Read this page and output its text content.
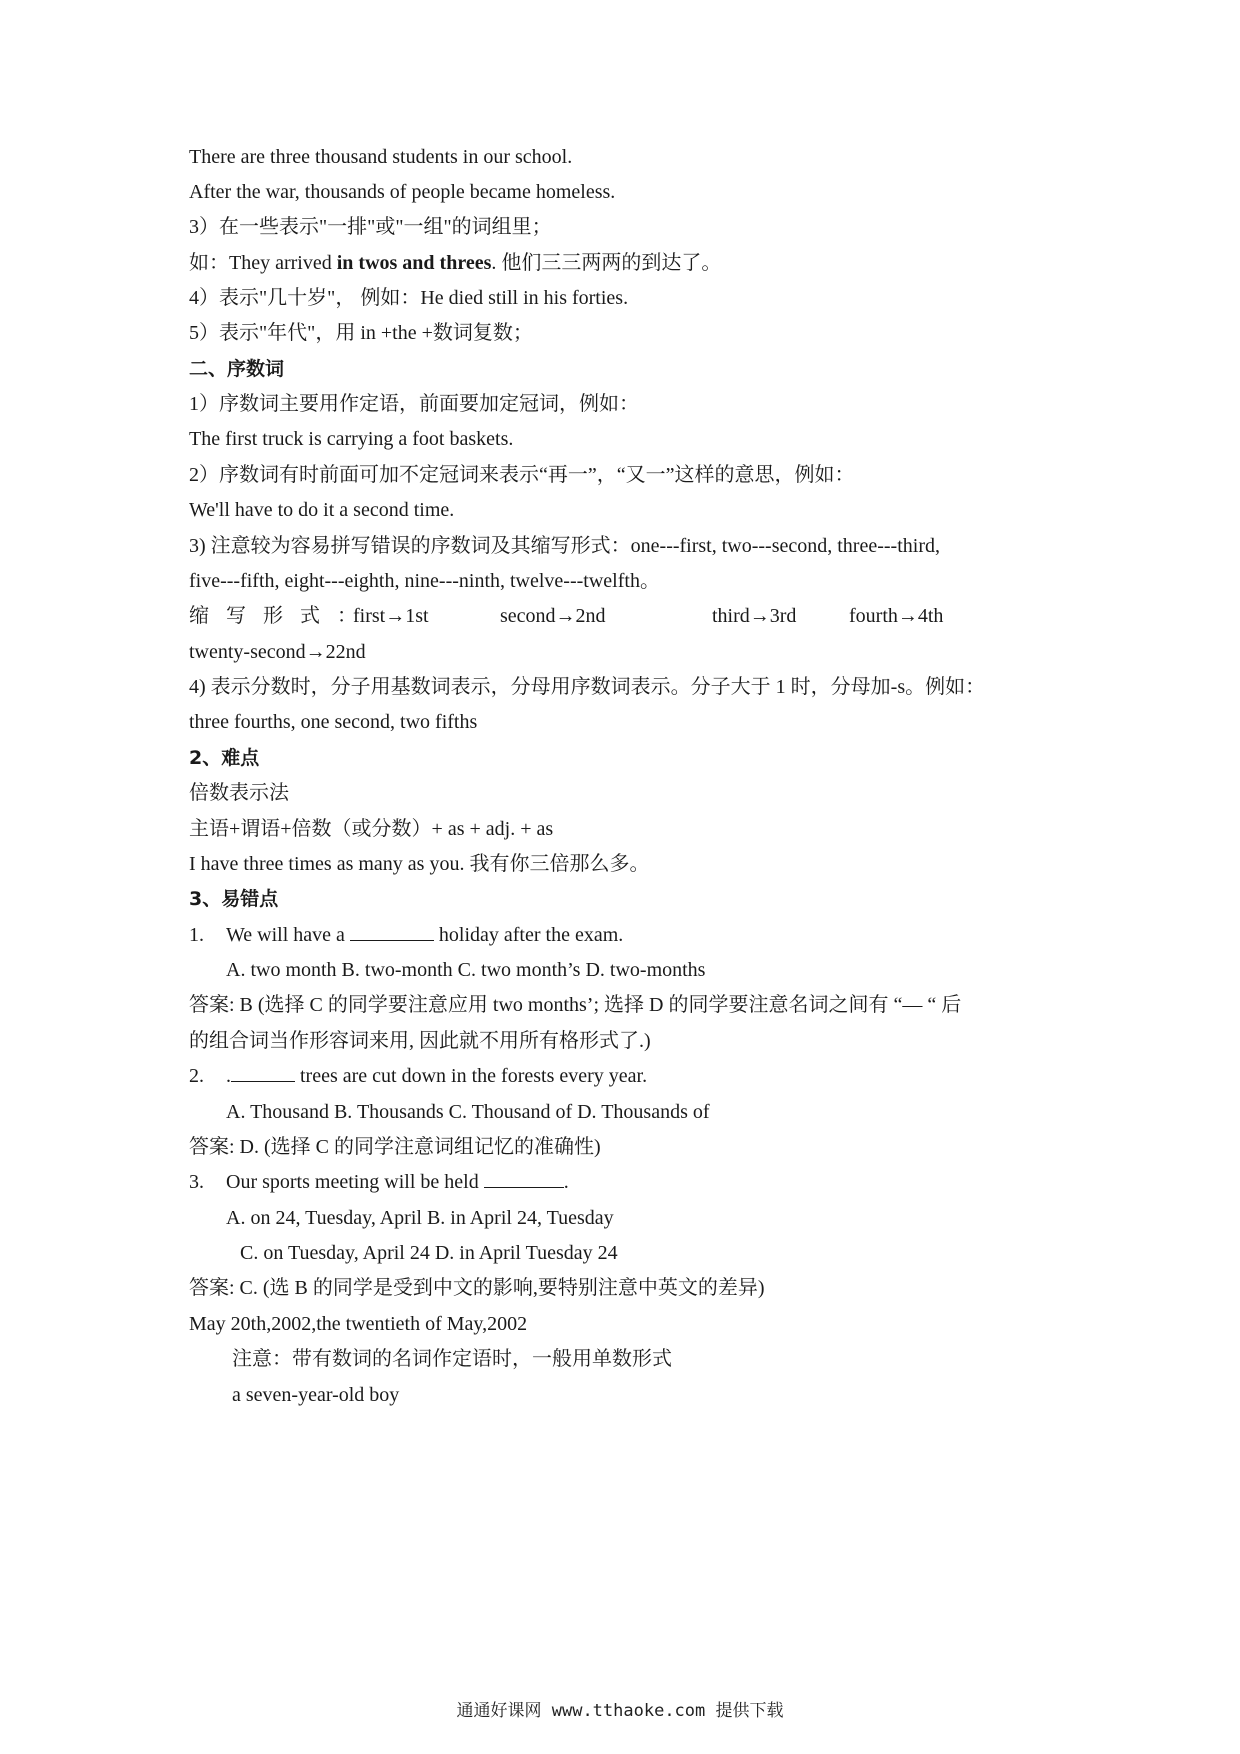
There are three thousand students in our school.
After the war, thousands of people became homeless.
3）在一些表示"一排"或"一组"的词组里；
如：They arrived in twos and threes. 他们三三两两的到达了。
4）表示"几十岁"， 例如：He died still in his forties.
5）表示"年代"，用 in +the +数词复数；
二、序数词
1）序数词主要用作定语，前面要加定冠词，例如：
The first truck is carrying a foot baskets.
2）序数词有时前面可加不定冠词来表示“再一”，“又一”这样的意思，例如：
We'll have to do it a second time.
3) 注意较为容易拼写错误的序数词及其缩写形式：one---first, two---second, three---third,
five---fifth, eight---eighth, nine---ninth, twelve---twelfth。
缩 写 形 式 ：
first→1st	second→2nd	third→3rd	fourth→4th
twenty-second→22nd
4) 表示分数时，分子用基数词表示，分母用序数词表示。分子大于 1 时，分母加-s。例如：
three fourths, one second, two fifths
2、难点
倍数表示法
主语+谓语+倍数（或分数）+ as + adj. + as
I have three times as many as you. 我有你三倍那么多。
3、易错点
1. We will have a	holiday after the exam.
A. two month B. two-month C. two month’s D. two-months
答案: B (选择 C 的同学要注意应用 two months’; 选择 D 的同学要注意名词之间有 “— “ 后
的组合词当作形容词来用, 因此就不用所有格形式了.)
2. .	trees are cut down in the forests every year.
A. Thousand B. Thousands C. Thousand of D. Thousands of
答案: D. (选择 C 的同学注意词组记忆的准确性)
3. Our sports meeting will be held	.
A. on 24, Tuesday, April B. in April 24, Tuesday
C. on Tuesday, April 24 D. in April Tuesday 24
答案: C. (选 B 的同学是受到中文的影响,要特别注意中英文的差异)
May 20th,2002,the twentieth of May,2002
注意：带有数词的名词作定语时，一般用单数形式
a seven-year-old boy
通通好课网 www.tthaoke.com 提供下载
